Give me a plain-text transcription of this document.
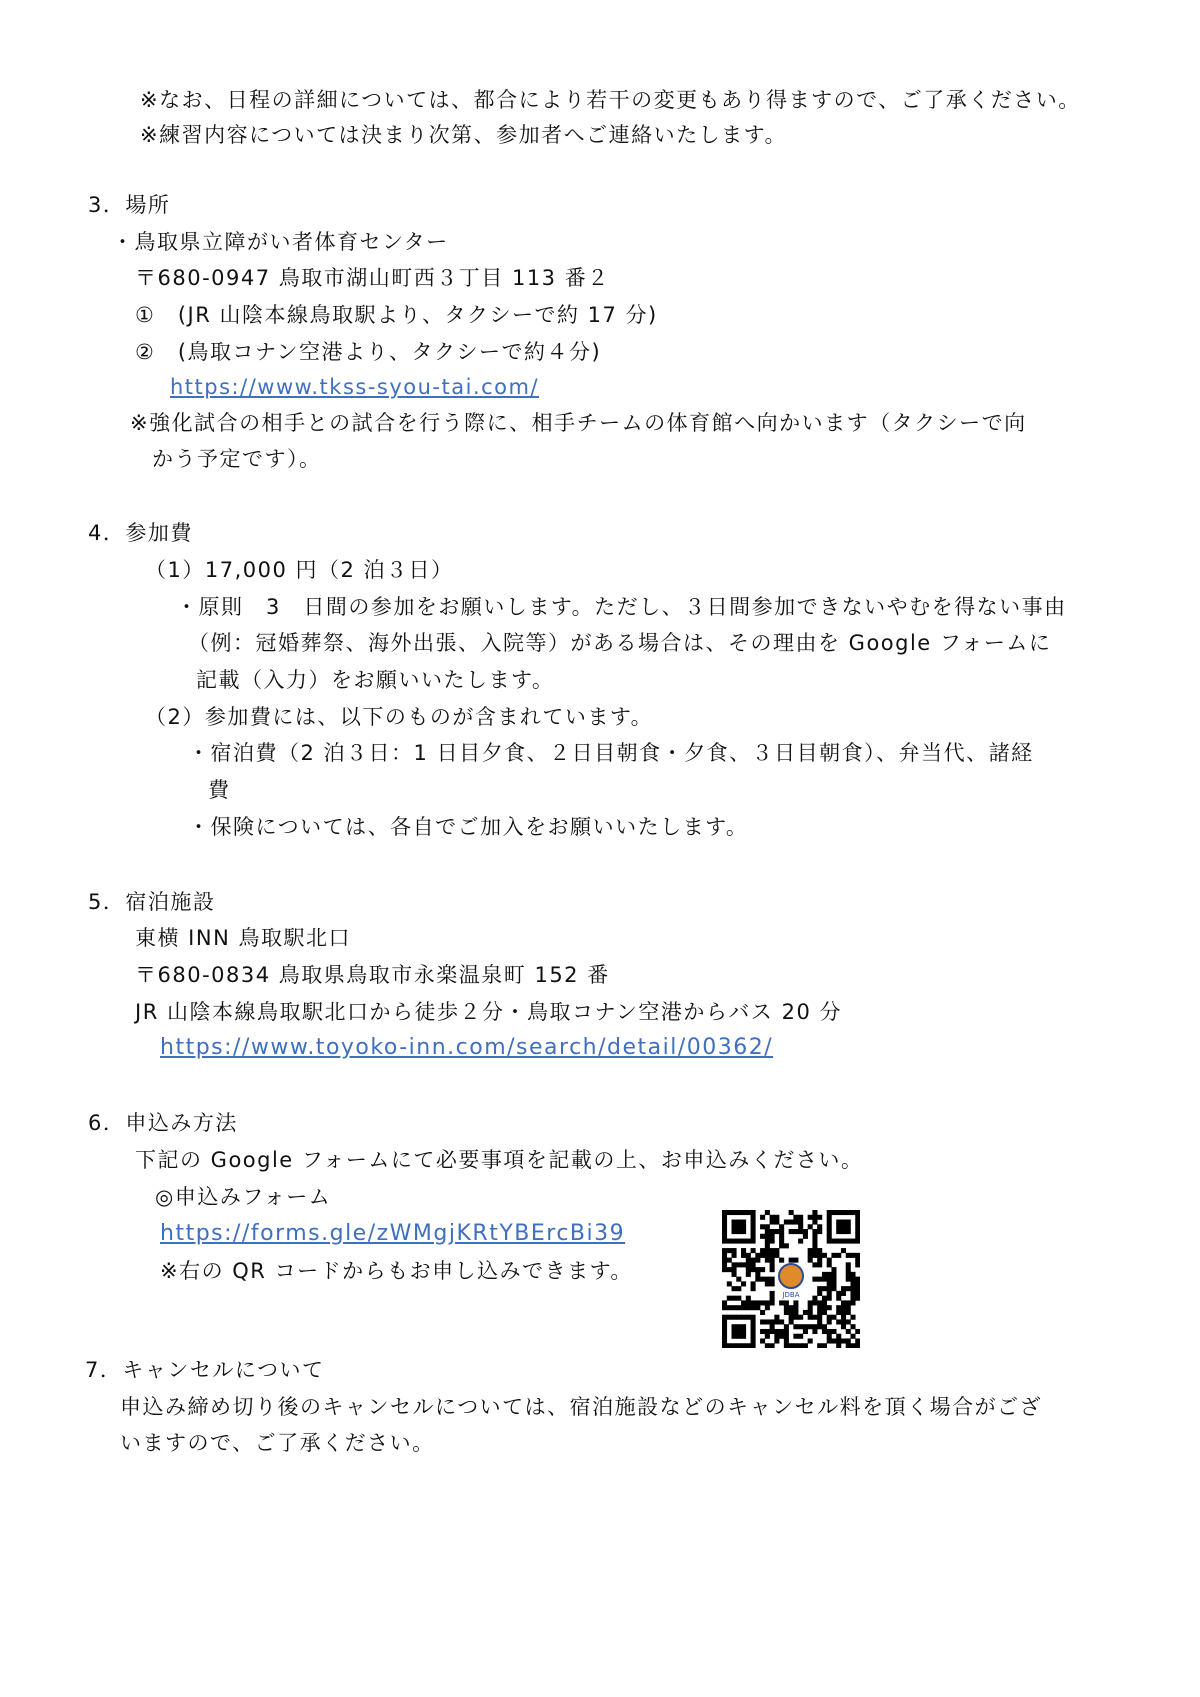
※なお、日程の詳細については、都合により若干の変更もあり得ますので、ご了承ください。
※練習内容については決まり次第、参加者へご連絡いたします。
3．場所
・鳥取県立障がい者体育センター
〒680-0947 鳥取市湖山町西３丁目 113 番２
①　(JR 山陰本線鳥取駅より、タクシーで約 17 分)
②　(鳥取コナン空港より、タクシーで約４分)
https://www.tkss-syou-tai.com/
※強化試合の相手との試合を行う際に、相手チームの体育館へ向かいます（タクシーで向
かう予定です）。
4．参加費
（1）17,000 円（2 泊３日）
・原則　3　日間の参加をお願いします。ただし、３日間参加できないやむを得ない事由
（例：冠婚葬祭、海外出張、入院等）がある場合は、その理由を Google フォームに
記載（入力）をお願いいたします。
（2）参加費には、以下のものが含まれています。
・宿泊費（2 泊３日：1 日目夕食、２日目朝食・夕食、３日目朝食）、弁当代、諸経
費
・保険については、各自でご加入をお願いいたします。
5．宿泊施設
東横 INN 鳥取駅北口
〒680-0834 鳥取県鳥取市永楽温泉町 152 番
JR 山陰本線鳥取駅北口から徒歩２分・鳥取コナン空港からバス 20 分
https://www.toyoko-inn.com/search/detail/00362/
6．申込み方法
下記の Google フォームにて必要事項を記載の上、お申込みください。
◎申込みフォーム
https://forms.gle/zWMgjKRtYBErcBi39
※右の QR コードからもお申し込みできます。
JDBA
7．キャンセルについて
申込み締め切り後のキャンセルについては、宿泊施設などのキャンセル料を頂く場合がござ
いますので、ご了承ください。
